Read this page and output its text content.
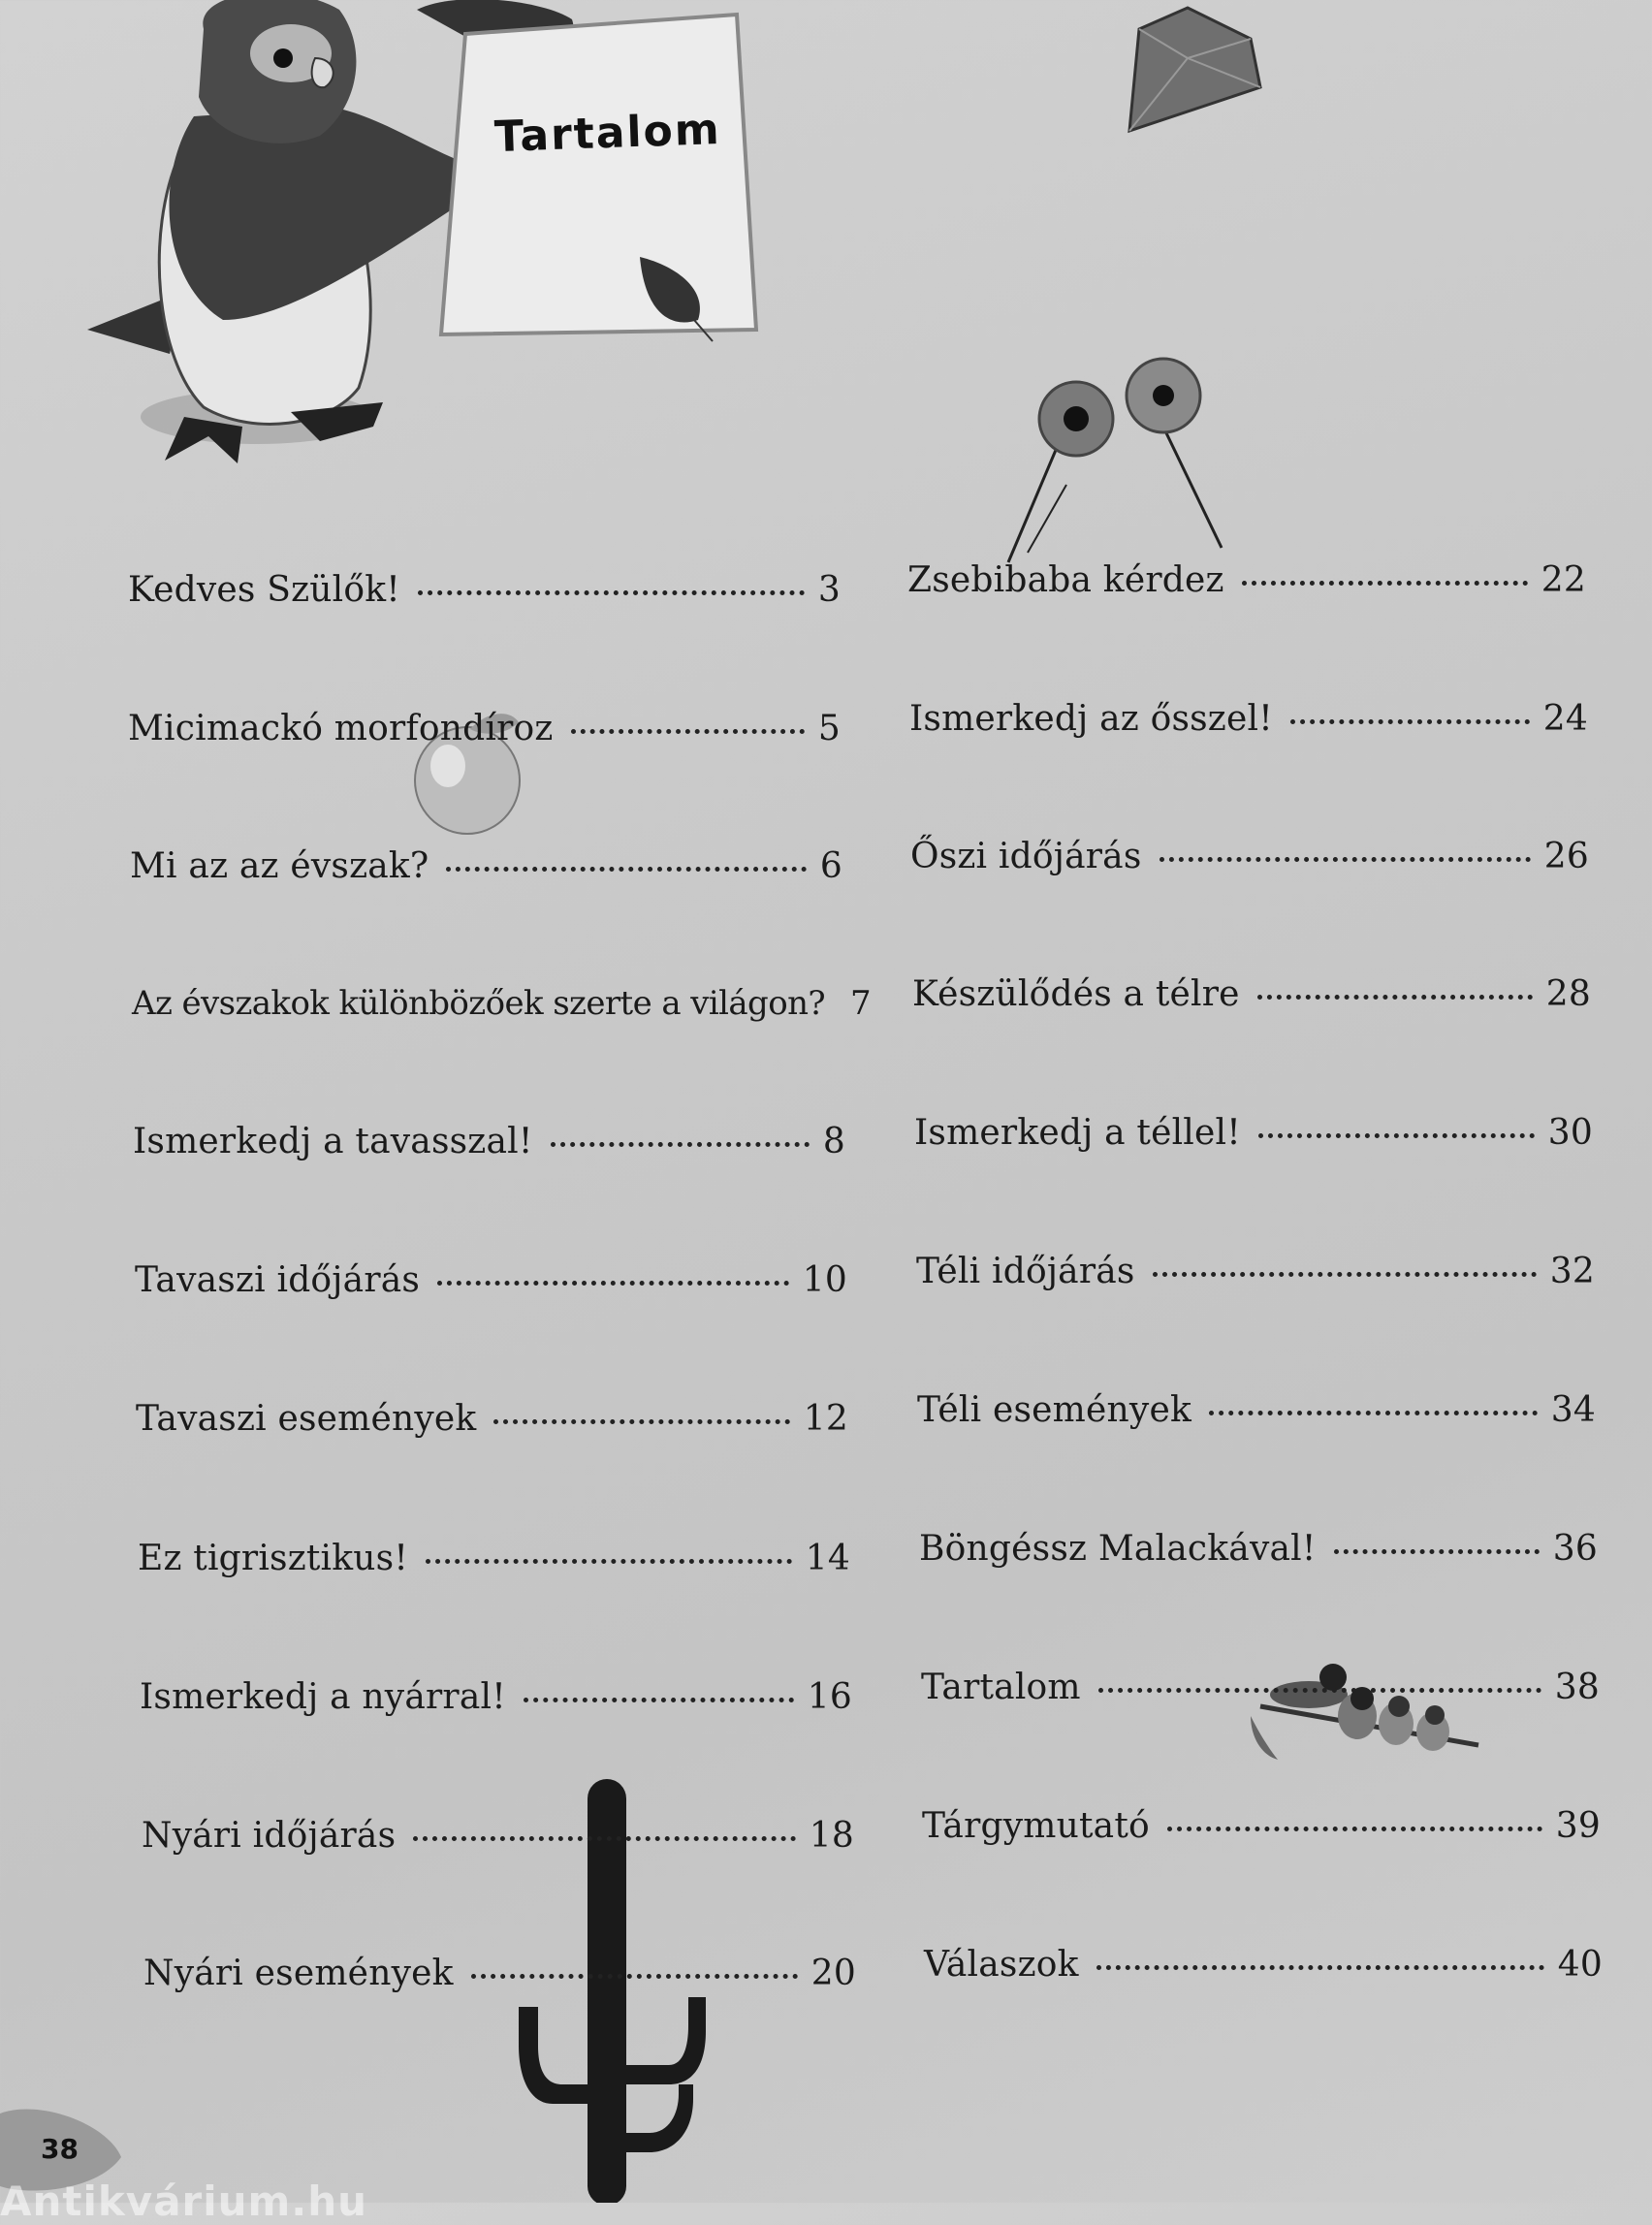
Tartalom
Kedves Szülők!	3
Micimackó morfondíroz	5
Mi az az évszak?	6
Az évszakok különbözőek szerte a világon? 7
Ismerkedj a tavasszal!	8
Tavaszi időjárás	10
Tavaszi események	12
Ez tigrisztikus!	14
Ismerkedj a nyárral!	16
Nyári időjárás	18
Nyári események	20
Zsebibaba kérdez	22
Ismerkedj az ősszel!	24
Őszi időjárás	26
Készülődés a télre	28
Ismerkedj a téllel!	30
Téli időjárás	32
Téli események	34
Böngéssz Malackával!	36
Tartalom	38
Tárgymutató	39
Válaszok	40
38
Antikvárium.hu
